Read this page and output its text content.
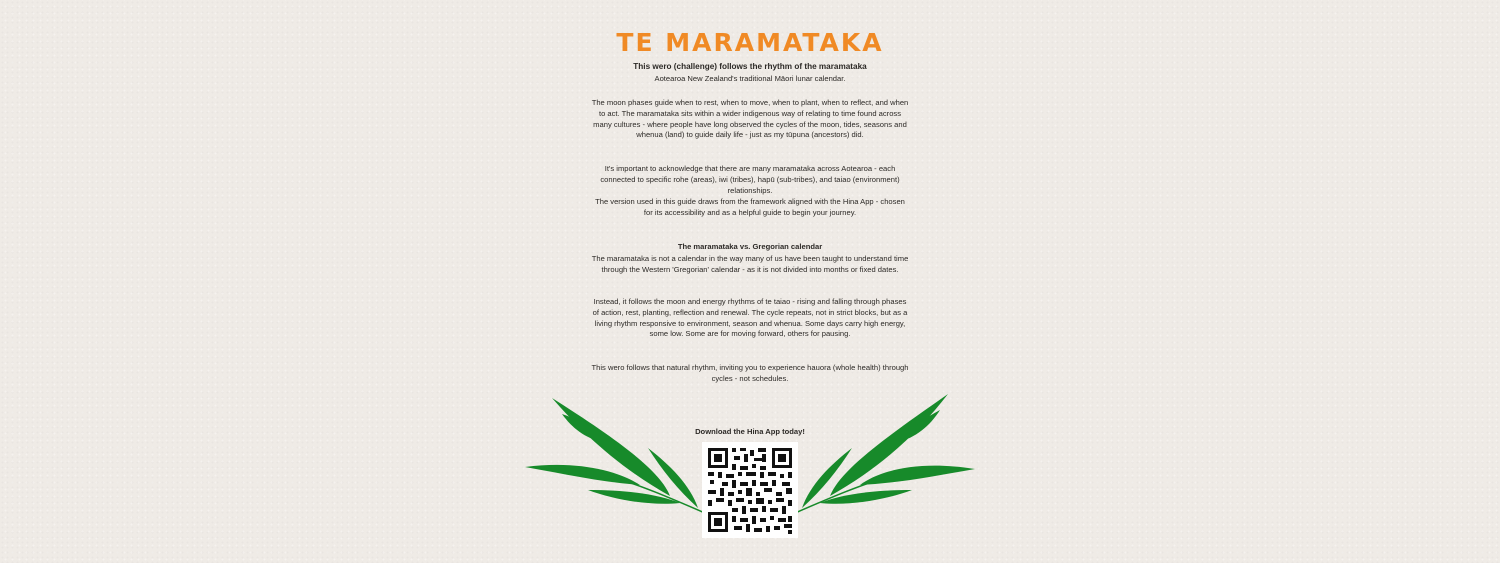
TE MARAMATAKA
This wero (challenge) follows the rhythm of the maramataka
Aotearoa New Zealand's traditional Māori lunar calendar.
The moon phases guide when to rest, when to move, when to plant, when to reflect, and when to act. The maramataka sits within a wider indigenous way of relating to time found across many cultures - where people have long observed the cycles of the moon, tides, seasons and whenua (land) to guide daily life - just as my tūpuna (ancestors) did.
It's important to acknowledge that there are many maramataka across Aotearoa - each connected to specific rohe (areas), iwi (tribes), hapū (sub-tribes), and taiao (environment) relationships.
The version used in this guide draws from the framework aligned with the Hina App - chosen for its accessibility and as a helpful guide to begin your journey.
The maramataka vs. Gregorian calendar
The maramataka is not a calendar in the way many of us have been taught to understand time through the Western 'Gregorian' calendar - as it is not divided into months or fixed dates.
Instead, it follows the moon and energy rhythms of te taiao - rising and falling through phases of action, rest, planting, reflection and renewal. The cycle repeats, not in strict blocks, but as a living rhythm responsive to environment, season and whenua. Some days carry high energy, some low. Some are for moving forward, others for pausing.
This wero follows that natural rhythm, inviting you to experience hauora (whole health) through cycles - not schedules.
Download the Hina App today!
